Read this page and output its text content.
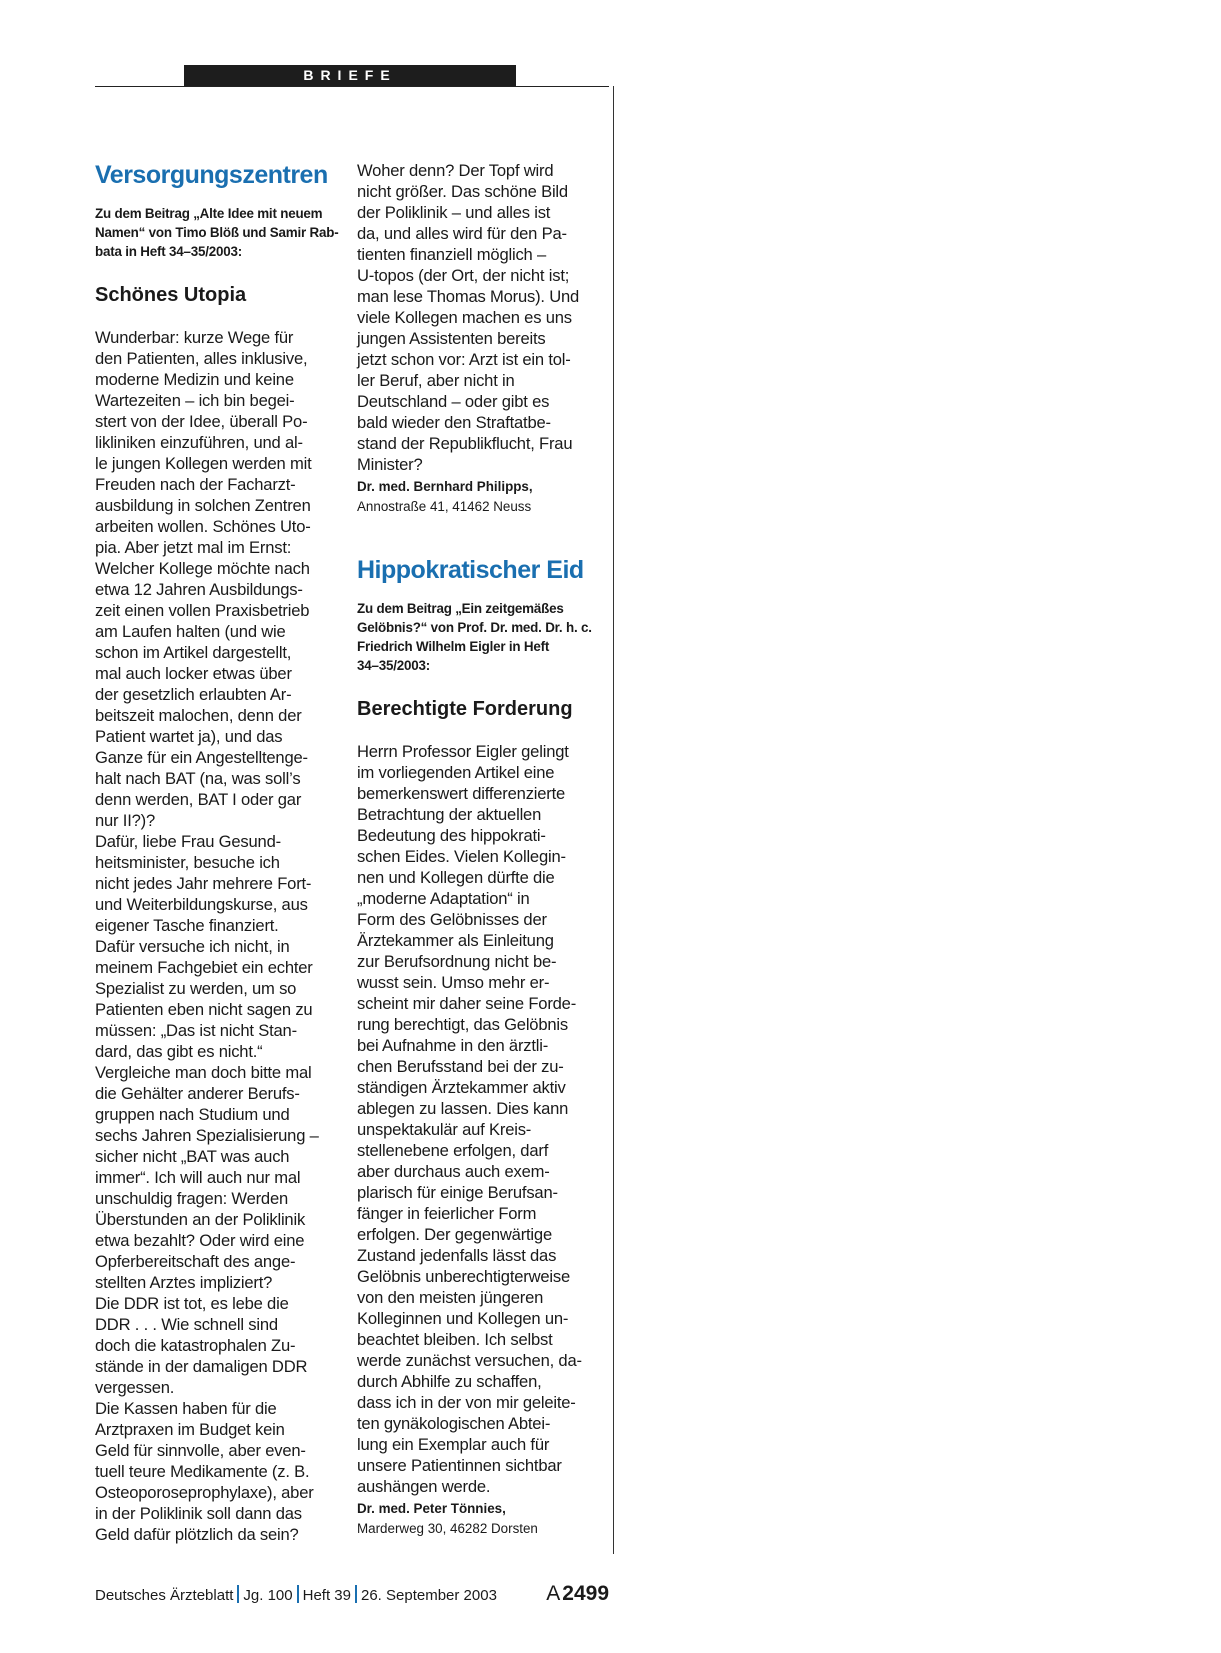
BRIEFE
Versorgungszentren
Zu dem Beitrag „Alte Idee mit neuem
Namen“ von Timo Blöß und Samir Rab-
bata in Heft 34–35/2003:
Schönes Utopia
Wunderbar: kurze Wege für
den Patienten, alles inklusive,
moderne Medizin und keine
Wartezeiten – ich bin begei-
stert von der Idee, überall Po-
likliniken einzuführen, und al-
le jungen Kollegen werden mit
Freuden nach der Facharzt-
ausbildung in solchen Zentren
arbeiten wollen. Schönes Uto-
pia. Aber jetzt mal im Ernst:
Welcher Kollege möchte nach
etwa 12 Jahren Ausbildungs-
zeit einen vollen Praxisbetrieb
am Laufen halten (und wie
schon im Artikel dargestellt,
mal auch locker etwas über
der gesetzlich erlaubten Ar-
beitszeit malochen, denn der
Patient wartet ja), und das
Ganze für ein Angestelltenge-
halt nach BAT (na, was soll’s
denn werden, BAT I oder gar
nur II?)?
Dafür, liebe Frau Gesund-
heitsminister, besuche ich
nicht jedes Jahr mehrere Fort-
und Weiterbildungskurse, aus
eigener Tasche finanziert.
Dafür versuche ich nicht, in
meinem Fachgebiet ein echter
Spezialist zu werden, um so
Patienten eben nicht sagen zu
müssen: „Das ist nicht Stan-
dard, das gibt es nicht.“
Vergleiche man doch bitte mal
die Gehälter anderer Berufs-
gruppen nach Studium und
sechs Jahren Spezialisierung –
sicher nicht „BAT was auch
immer“. Ich will auch nur mal
unschuldig fragen: Werden
Überstunden an der Poliklinik
etwa bezahlt? Oder wird eine
Opferbereitschaft des ange-
stellten Arztes impliziert?
Die DDR ist tot, es lebe die
DDR . . . Wie schnell sind
doch die katastrophalen Zu-
stände in der damaligen DDR
vergessen.
Die Kassen haben für die
Arztpraxen im Budget kein
Geld für sinnvolle, aber even-
tuell teure Medikamente (z. B.
Osteoporoseprophylaxe), aber
in der Poliklinik soll dann das
Geld dafür plötzlich da sein?
Woher denn? Der Topf wird
nicht größer. Das schöne Bild
der Poliklinik – und alles ist
da, und alles wird für den Pa-
tienten finanziell möglich –
U-topos (der Ort, der nicht ist;
man lese Thomas Morus). Und
viele Kollegen machen es uns
jungen Assistenten bereits
jetzt schon vor: Arzt ist ein tol-
ler Beruf, aber nicht in
Deutschland – oder gibt es
bald wieder den Straftatbe-
stand der Republikflucht, Frau
Minister?

Dr. med. Bernhard Philipps,

Annostraße 41, 41462 Neuss

Hippokratischer Eid
Zu dem Beitrag „Ein zeitgemäßes
Gelöbnis?“ von Prof. Dr. med. Dr. h. c.
Friedrich Wilhelm Eigler in Heft
34–35/2003:
Berechtigte Forderung
Herrn Professor Eigler gelingt
im vorliegenden Artikel eine
bemerkenswert differenzierte
Betrachtung der aktuellen
Bedeutung des hippokrati-
schen Eides. Vielen Kollegin-
nen und Kollegen dürfte die
„moderne Adaptation“ in
Form des Gelöbnisses der
Ärztekammer als Einleitung
zur Berufsordnung nicht be-
wusst sein. Umso mehr er-
scheint mir daher seine Forde-
rung berechtigt, das Gelöbnis
bei Aufnahme in den ärztli-
chen Berufsstand bei der zu-
ständigen Ärztekammer aktiv
ablegen zu lassen. Dies kann
unspektakulär auf Kreis-
stellenebene erfolgen, darf
aber durchaus auch exem-
plarisch für einige Berufsan-
fänger in feierlicher Form
erfolgen. Der gegenwärtige
Zustand jedenfalls lässt das
Gelöbnis unberechtigterweise
von den meisten jüngeren
Kolleginnen und Kollegen un-
beachtet bleiben. Ich selbst
werde zunächst versuchen, da-
durch Abhilfe zu schaffen,
dass ich in der von mir geleite-
ten gynäkologischen Abtei-
lung ein Exemplar auch für
unsere Patientinnen sichtbar
aushängen werde.

Dr. med. Peter Tönnies,

Marderweg 30, 46282 Dorsten

Deutsches Ärzteblatt Jg. 100 Heft 39 26. September 2003 A2499
